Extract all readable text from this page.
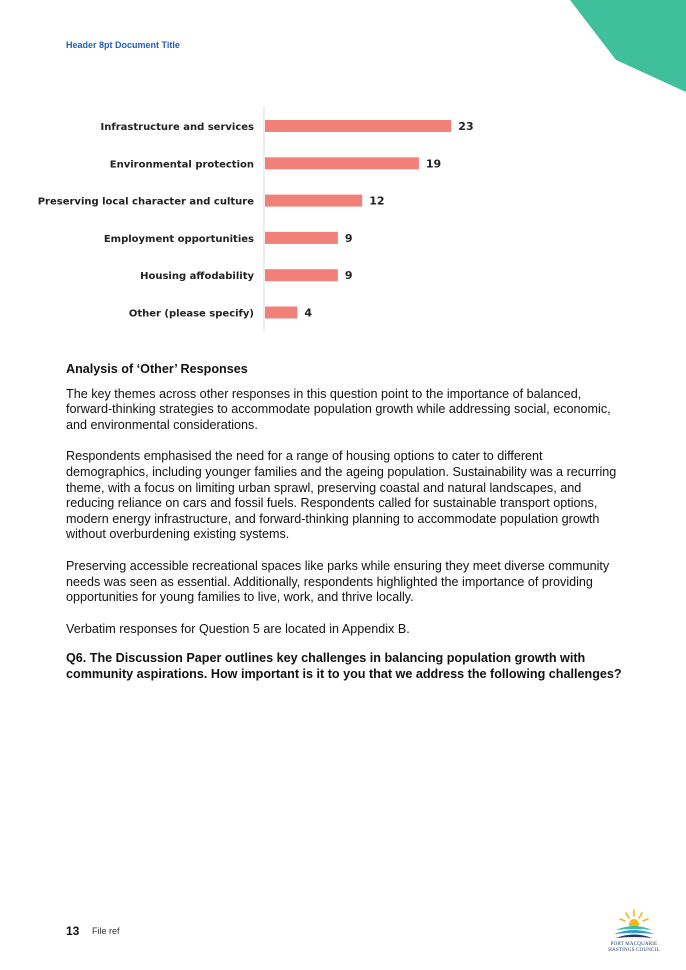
Header 8pt Document Title
Infrastructure and services	23
Environmental protection	19
Preserving local character and culture	12
Employment opportunities	9
Housing affodability	9
Other (please specify)	4
Analysis of ‘Other’ Responses

The key themes across other responses in this question point to the importance of balanced, forward-thinking strategies to accommodate population growth while addressing social, economic, and environmental considerations.

Respondents emphasised the need for a range of housing options to cater to different demographics, including younger families and the ageing population. Sustainability was a recurring theme, with a focus on limiting urban sprawl, preserving coastal and natural landscapes, and reducing reliance on cars and fossil fuels. Respondents called for sustainable transport options, modern energy infrastructure, and forward-thinking planning to accommodate population growth without overburdening existing systems.

Preserving accessible recreational spaces like parks while ensuring they meet diverse community needs was seen as essential. Additionally, respondents highlighted the importance of providing opportunities for young families to live, work, and thrive locally.

Verbatim responses for Question 5 are located in Appendix B.

Q6. The Discussion Paper outlines key challenges in balancing population growth with community aspirations. How important is it to you that we address the following challenges?

13 File ref
PORT MACQUARIE
HASTINGS COUNCIL
